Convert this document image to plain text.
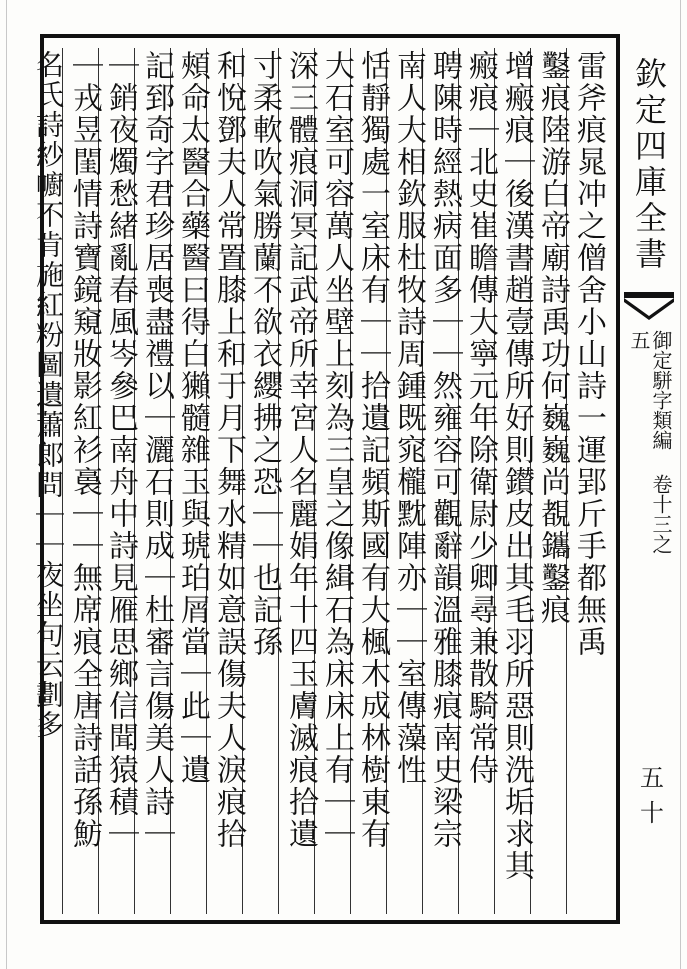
雷斧痕晁冲之僧舍小山詩一運郢斤手都無禹
鑿痕陸游白帝廟詩禹功何巍巍尚覩鑴鑿痕
增瘢痕｜後漢書趙壹傳所好則鑚皮出其毛羽所惡則洗垢求其
瘢痕｜北史崔瞻傳大寧元年除衛尉少卿尋兼散騎常侍
聘陳時經熱病面多｜｜然雍容可觀辭韻溫雅膝痕南史梁宗
南人大相欽服杜牧詩周鍾既窕櫳黕陣亦｜｜室傳藻性
恬靜獨處一室床有｜｜拾遺記頻斯國有大楓木成林樹東有
大石室可容萬人坐壁上刻為三皇之像緝石為床床上有｜｜
深三體痕洞冥記武帝所幸宮人名麗娟年十四玉膚滅痕拾遺
寸柔軟吹氣勝蘭不欲衣纓拂之恐｜｜也記孫
和悅鄧夫人常置膝上和于月下舞水精如意誤傷夫人淚痕拾
頰命太醫合藥醫曰得白獺髓雜玉與琥珀屑當｜此｜遺
記郅奇字君珍居喪盡禮以｜灑石則成｜杜審言傷美人詩｜
｜銷夜燭愁緒亂春風岑參巴南舟中詩見雁思鄉信聞猿積｜
｜戎昱閨情詩寶鏡窺妝影紅衫裛｜｜無席痕全唐詩話孫魴
名氏詩紗幮不肯施紅粉圖遺蕭郎問｜｜夜坐句云劃多	欽定四庫全書
御定駢字類編 卷十三之五
五十
